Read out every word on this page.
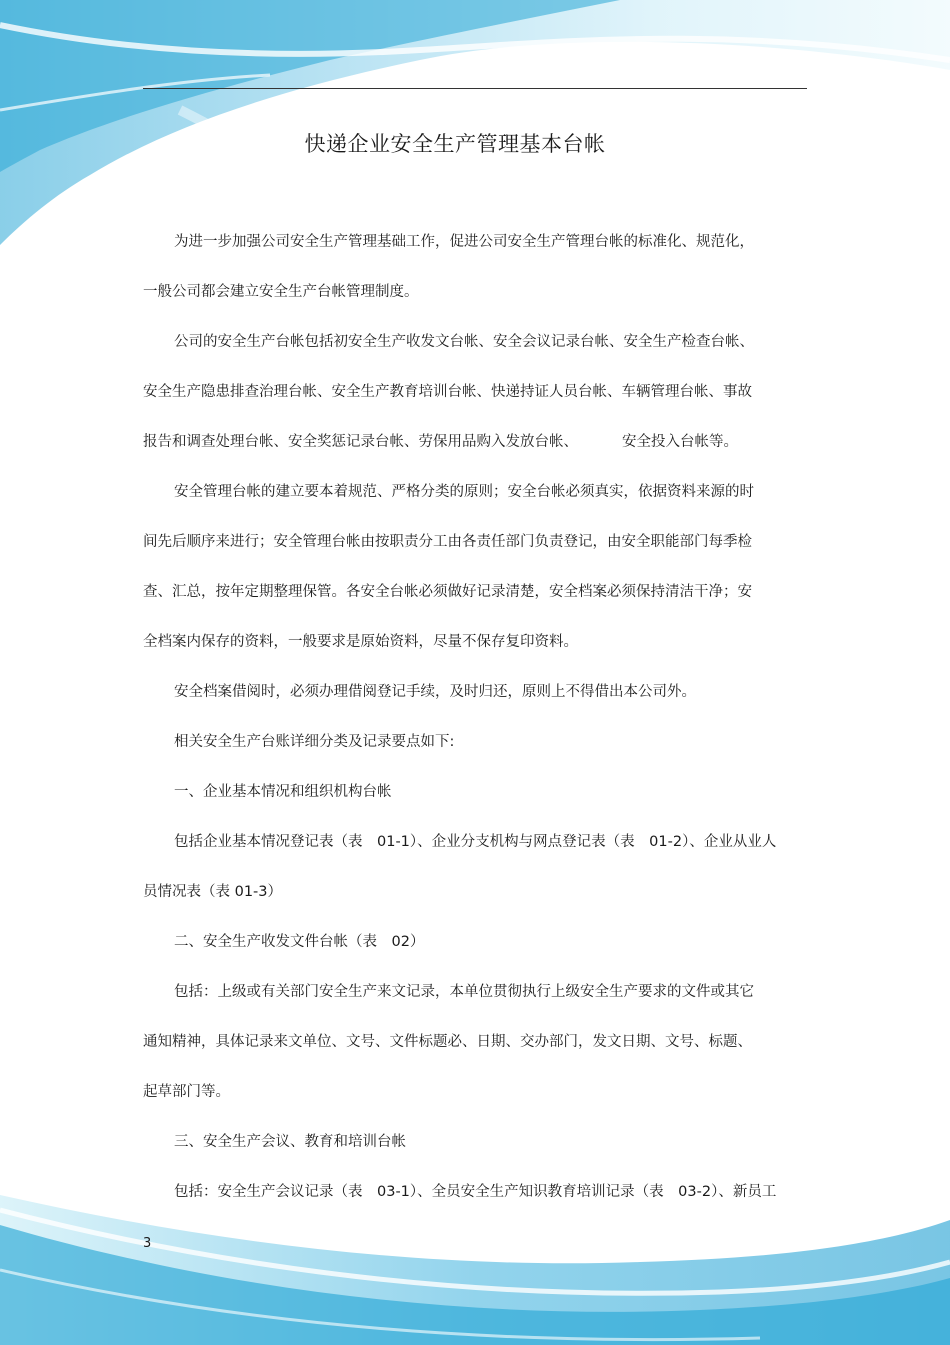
快递企业安全生产管理基本台帐
为进一步加强公司安全生产管理基础工作，促进公司安全生产管理台帐的标准化、规范化，
一般公司都会建立安全生产台帐管理制度。
公司的安全生产台帐包括初安全生产收发文台帐、安全会议记录台帐、安全生产检查台帐、
安全生产隐患排查治理台帐、安全生产教育培训台帐、快递持证人员台帐、车辆管理台帐、事故
报告和调查处理台帐、安全奖惩记录台帐、劳保用品购入发放台帐、	安全投入台帐等。
安全管理台帐的建立要本着规范、严格分类的原则；安全台帐必须真实，依据资料来源的时
间先后顺序来进行；安全管理台帐由按职责分工由各责任部门负责登记，由安全职能部门每季检
查、汇总，按年定期整理保管。各安全台帐必须做好记录清楚，安全档案必须保持清洁干净；安
全档案内保存的资料，一般要求是原始资料，尽量不保存复印资料。
安全档案借阅时，必须办理借阅登记手续，及时归还，原则上不得借出本公司外。
相关安全生产台账详细分类及记录要点如下:
一、企业基本情况和组织机构台帐
包括企业基本情况登记表（表　01-1）、企业分支机构与网点登记表（表　01-2）、企业从业人
员情况表（表 01-3）
二、安全生产收发文件台帐（表　02）
包括：上级或有关部门安全生产来文记录，本单位贯彻执行上级安全生产要求的文件或其它
通知精神，具体记录来文单位、文号、文件标题必、日期、交办部门，发文日期、文号、标题、
起草部门等。
三、安全生产会议、教育和培训台帐
包括：安全生产会议记录（表　03-1）、全员安全生产知识教育培训记录（表　03-2）、新员工
3
